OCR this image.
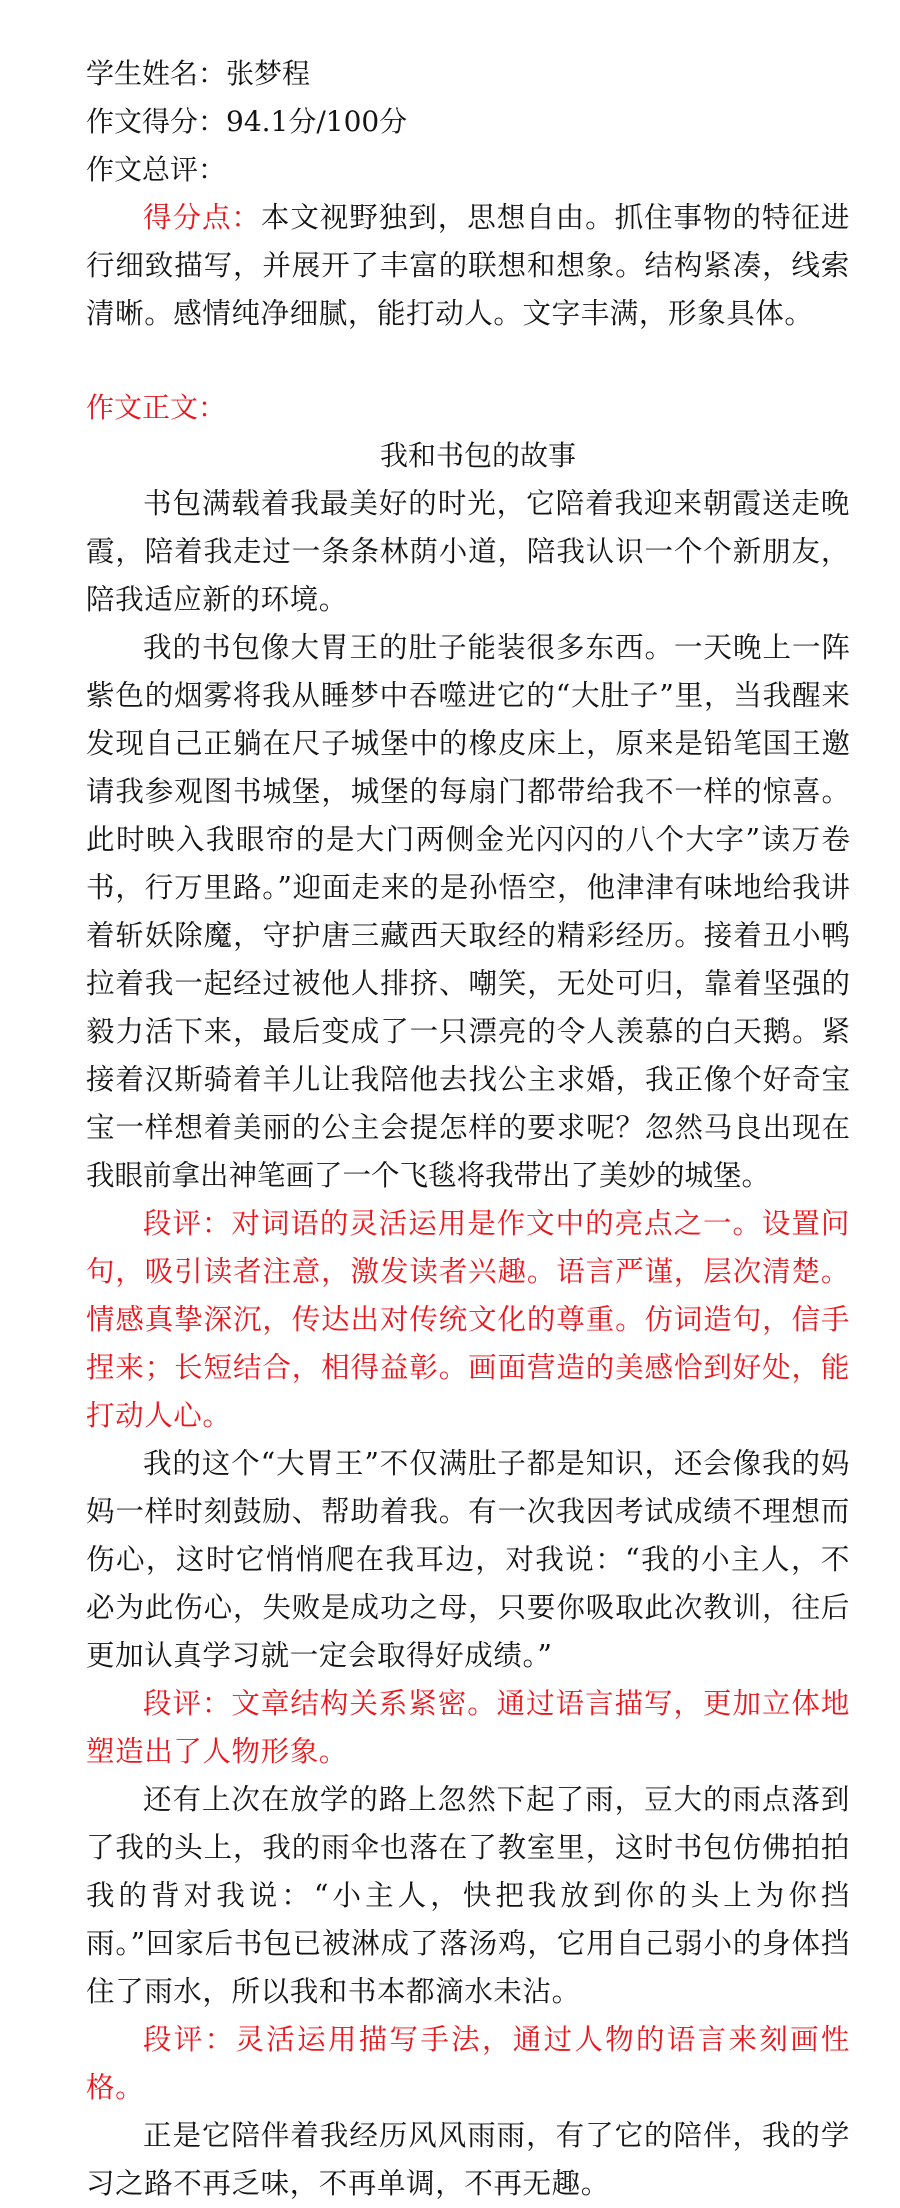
学生姓名：张梦程

作文得分：94.1分/100分

作文总评：

得分点：本文视野独到，思想自由。抓住事物的特征进行细致描写，并展开了丰富的联想和想象。结构紧凑，线索清晰。感情纯净细腻，能打动人。文字丰满，形象具体。

作文正文：

我和书包的故事

书包满载着我最美好的时光，它陪着我迎来朝霞送走晚霞，陪着我走过一条条林荫小道，陪我认识一个个新朋友，陪我适应新的环境。

我的书包像大胃王的肚子能装很多东西。一天晚上一阵紫色的烟雾将我从睡梦中吞噬进它的“大肚子”里，当我醒来发现自己正躺在尺子城堡中的橡皮床上，原来是铅笔国王邀请我参观图书城堡，城堡的每扇门都带给我不一样的惊喜。此时映入我眼帘的是大门两侧金光闪闪的八个大字”读万卷书，行万里路。”迎面走来的是孙悟空，他津津有味地给我讲着斩妖除魔，守护唐三藏西天取经的精彩经历。接着丑小鸭拉着我一起经过被他人排挤、嘲笑，无处可归，靠着坚强的毅力活下来，最后变成了一只漂亮的令人羡慕的白天鹅。紧接着汉斯骑着羊儿让我陪他去找公主求婚，我正像个好奇宝宝一样想着美丽的公主会提怎样的要求呢？忽然马良出现在我眼前拿出神笔画了一个飞毯将我带出了美妙的城堡。

段评：对词语的灵活运用是作文中的亮点之一。设置问句，吸引读者注意，激发读者兴趣。语言严谨，层次清楚。情感真挚深沉，传达出对传统文化的尊重。仿词造句，信手捏来；长短结合，相得益彰。画面营造的美感恰到好处，能打动人心。

我的这个“大胃王”不仅满肚子都是知识，还会像我的妈妈一样时刻鼓励、帮助着我。有一次我因考试成绩不理想而伤心，这时它悄悄爬在我耳边，对我说：“我的小主人，不必为此伤心，失败是成功之母，只要你吸取此次教训，往后更加认真学习就一定会取得好成绩。”

段评：文章结构关系紧密。通过语言描写，更加立体地塑造出了人物形象。

还有上次在放学的路上忽然下起了雨，豆大的雨点落到了我的头上，我的雨伞也落在了教室里，这时书包仿佛拍拍我的背对我说：“小主人，快把我放到你的头上为你挡雨。”回家后书包已被淋成了落汤鸡，它用自己弱小的身体挡住了雨水，所以我和书本都滴水未沾。

段评：灵活运用描写手法，通过人物的语言来刻画性格。

正是它陪伴着我经历风风雨雨，有了它的陪伴，我的学习之路不再乏味，不再单调，不再无趣。
